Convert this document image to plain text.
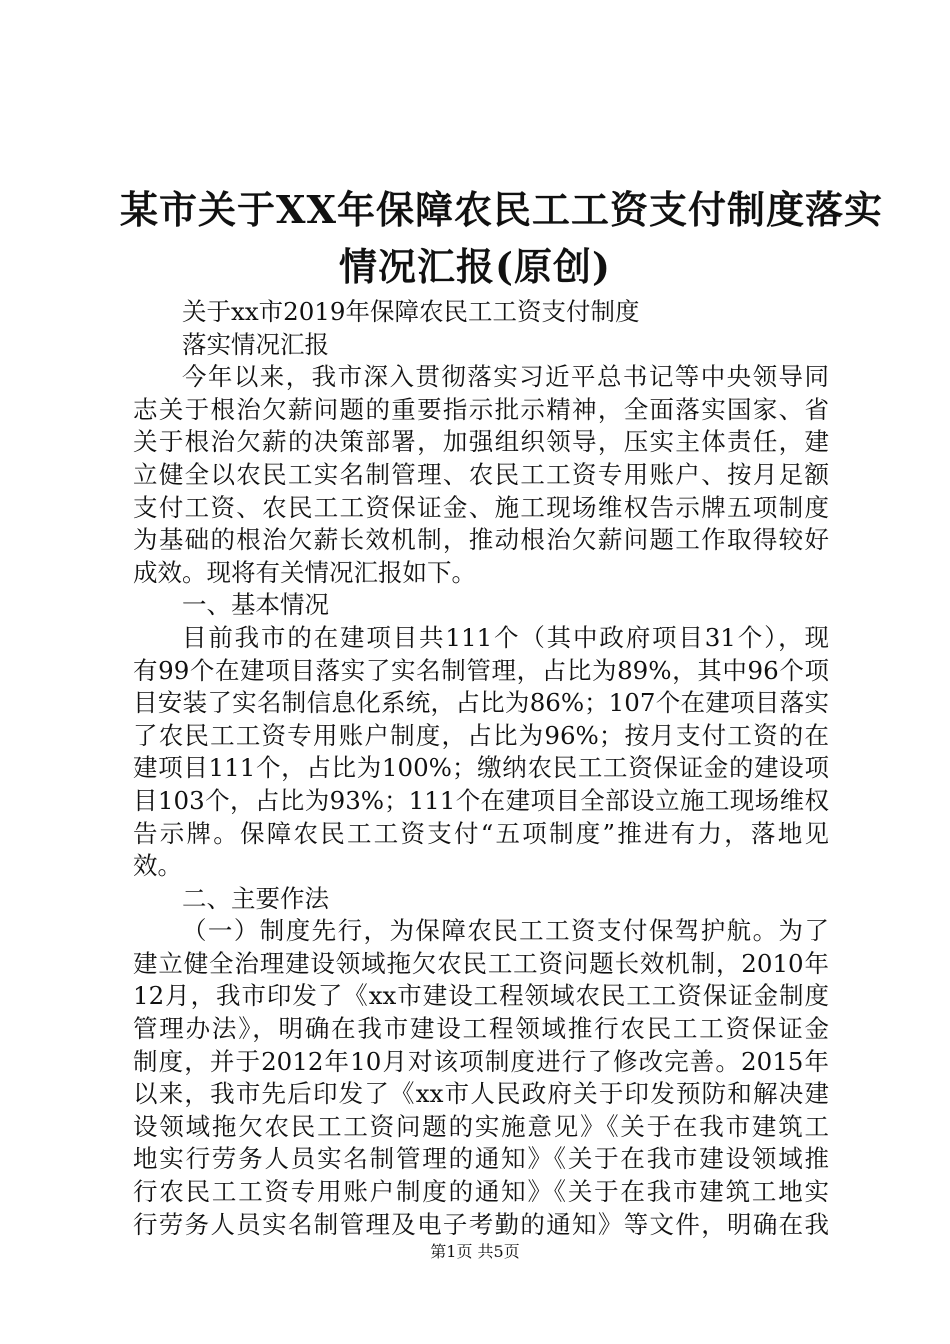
某市关于XX年保障农民工工资支付制度落实
情况汇报(原创)
关于xx市2019年保障农民工工资支付制度
落实情况汇报
今年以来，我市深入贯彻落实习近平总书记等中央领导同
志关于根治欠薪问题的重要指示批示精神，全面落实国家、省
关于根治欠薪的决策部署，加强组织领导，压实主体责任，建
立健全以农民工实名制管理、农民工工资专用账户、按月足额
支付工资、农民工工资保证金、施工现场维权告示牌五项制度
为基础的根治欠薪长效机制，推动根治欠薪问题工作取得较好
成效。现将有关情况汇报如下。
一、基本情况
目前我市的在建项目共111个（其中政府项目31个），现
有99个在建项目落实了实名制管理，占比为89%，其中96个项
目安装了实名制信息化系统，占比为86%；107个在建项目落实
了农民工工资专用账户制度，占比为96%；按月支付工资的在
建项目111个，占比为100%；缴纳农民工工资保证金的建设项
目103个，占比为93%；111个在建项目全部设立施工现场维权
告示牌。保障农民工工资支付“五项制度”推进有力，落地见
效。
二、主要作法
（一）制度先行，为保障农民工工资支付保驾护航。为了
建立健全治理建设领域拖欠农民工工资问题长效机制，2010年
12月，我市印发了《xx市建设工程领域农民工工资保证金制度
管理办法》，明确在我市建设工程领域推行农民工工资保证金
制度，并于2012年10月对该项制度进行了修改完善。2015年
以来，我市先后印发了《xx市人民政府关于印发预防和解决建
设领域拖欠农民工工资问题的实施意见》《关于在我市建筑工
地实行劳务人员实名制管理的通知》《关于在我市建设领域推
行农民工工资专用账户制度的通知》《关于在我市建筑工地实
行劳务人员实名制管理及电子考勤的通知》等文件，明确在我
第1页 共5页
